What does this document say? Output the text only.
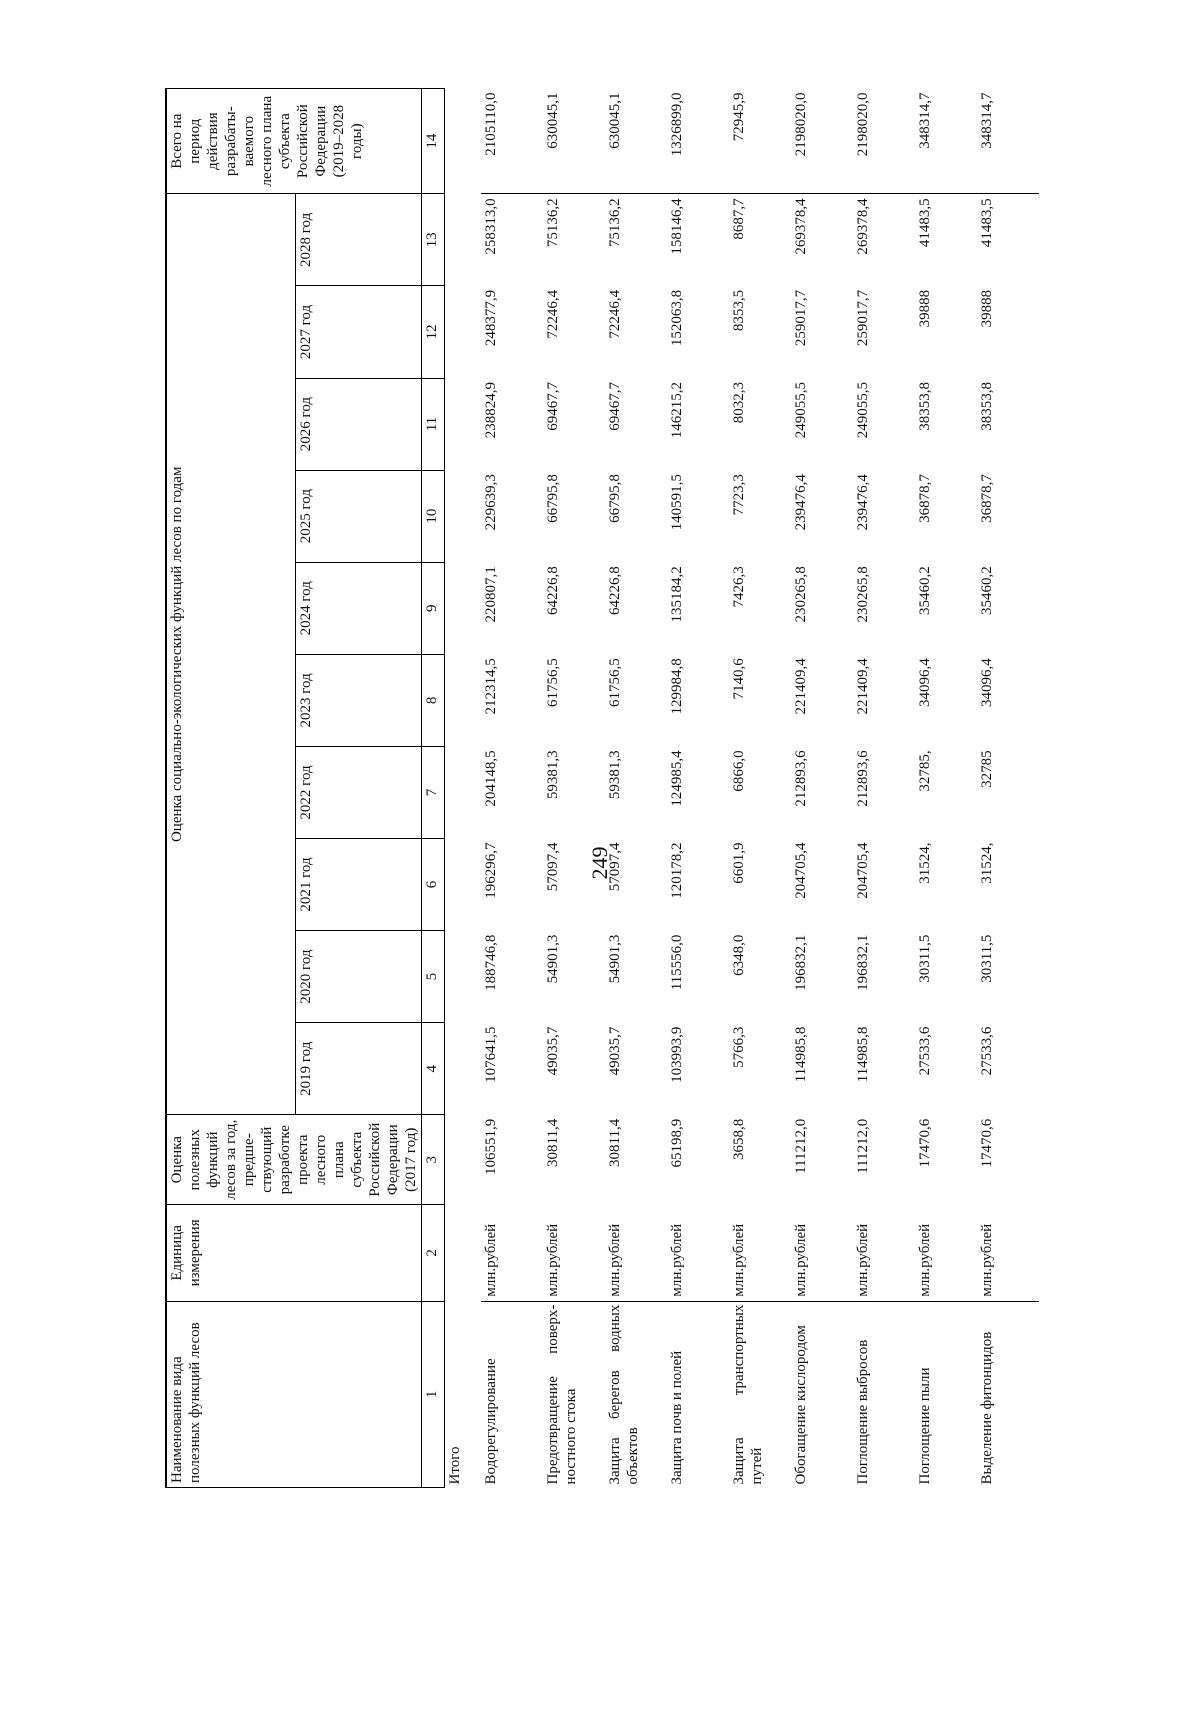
249
Наименование вида полезных функций лесов	Единица измерения	Оценка полезных функций лесов за год, предше-ствующий разработке проекта лесного плана субъекта Российской Федерации (2017 год)	Оценка социально-экологических функций лесов по годам										Всего на период действия разрабаты-ваемого лесного плана субъекта Российской Федерации (2019–2028 годы)
			2019 год	2020 год	2021 год	2022 год	2023 год	2024 год	2025 год	2026 год	2027 год	2028 год	
1	2	3	4	5	6	7	8	9	10	11	12	13	14
Итого													
Водорегулирование	млн.рублей	106551,9	107641,5	188746,8	196296,7	204148,5	212314,5	220807,1	229639,3	238824,9	248377,9	258313,0	2105110,0
Предотвращение поверх-ностного стока	млн.рублей	30811,4	49035,7	54901,3	57097,4	59381,3	61756,5	64226,8	66795,8	69467,7	72246,4	75136,2	630045,1
Защита берегов водных объектов	млн.рублей	30811,4	49035,7	54901,3	57097,4	59381,3	61756,5	64226,8	66795,8	69467,7	72246,4	75136,2	630045,1
Защита почв и полей	млн.рублей	65198,9	103993,9	115556,0	120178,2	124985,4	129984,8	135184,2	140591,5	146215,2	152063,8	158146,4	1326899,0
Защита транспортных путей	млн.рублей	3658,8	5766,3	6348,0	6601,9	6866,0	7140,6	7426,3	7723,3	8032,3	8353,5	8687,7	72945,9
Обогащение кислородом	млн.рублей	111212,0	114985,8	196832,1	204705,4	212893,6	221409,4	230265,8	239476,4	249055,5	259017,7	269378,4	2198020,0
Поглощение выбросов	млн.рублей	111212,0	114985,8	196832,1	204705,4	212893,6	221409,4	230265,8	239476,4	249055,5	259017,7	269378,4	2198020,0
Поглощение пыли	млн.рублей	17470,6	27533,6	30311,5	31524,	32785,	34096,4	35460,2	36878,7	38353,8	39888	41483,5	348314,7
Выделение фитонцидов	млн.рублей	17470,6	27533,6	30311,5	31524,	32785	34096,4	35460,2	36878,7	38353,8	39888	41483,5	348314,7
